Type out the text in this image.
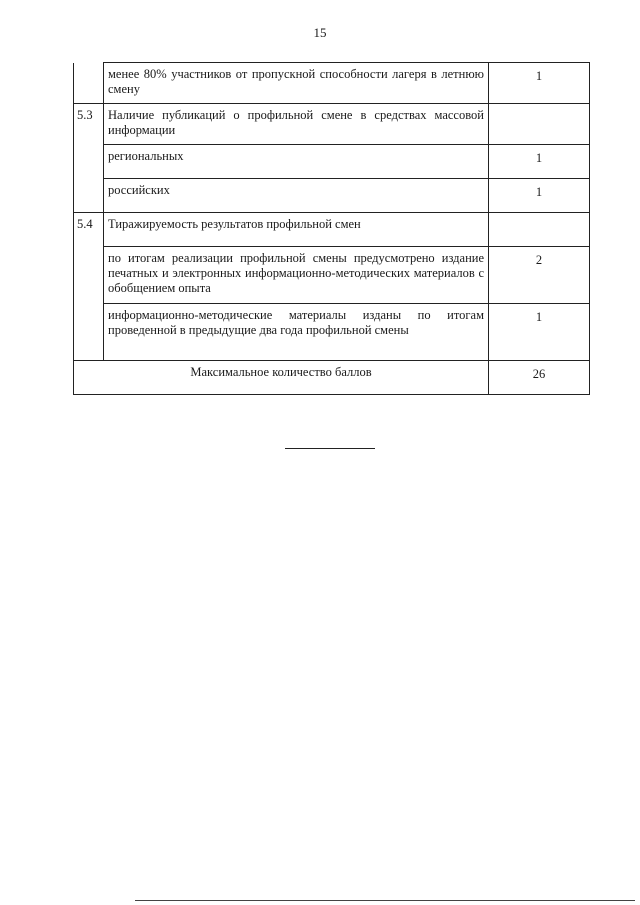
15
	менее 80% участников от пропускной способности лагеря в летнюю смену	1
5.3	Наличие публикаций о профильной смене в средствах массовой информации	
	региональных	1
	российских	1
5.4	Тиражируемость результатов профильной смен	
	по итогам реализации профильной смены предусмотрено издание печатных и электронных информационно-методических материалов с обобщением опыта	2
	информационно-методические материалы изданы по итогам проведенной в предыдущие два года профильной смены	1
Максимальное количество баллов		26
